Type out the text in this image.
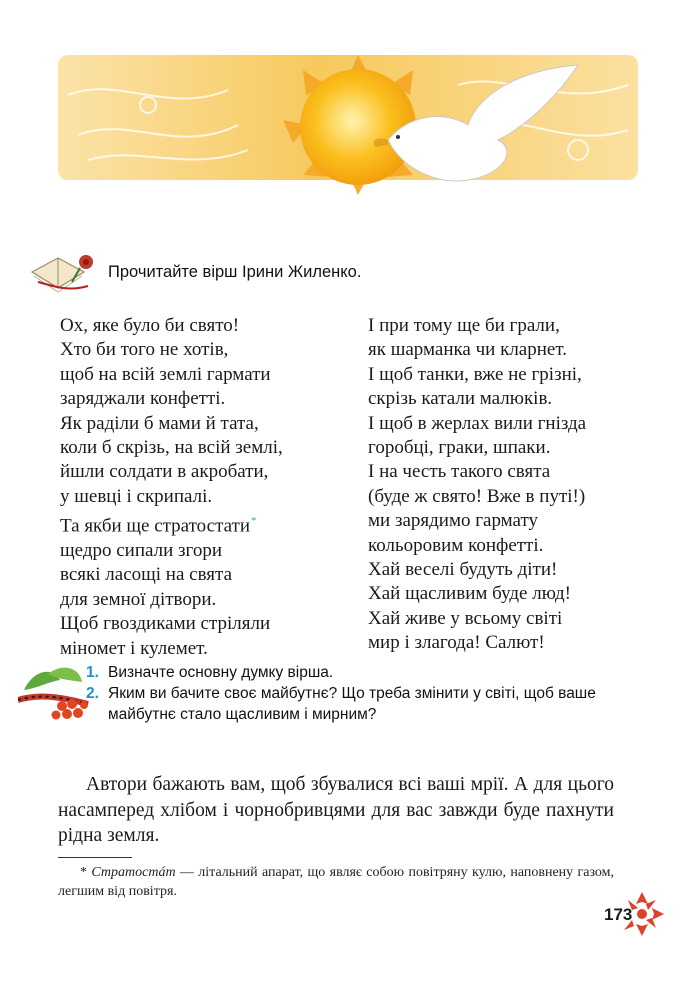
Прочитайте вірш Ірини Жиленко.
Ох, яке було би свято!
Хто би того не хотів,
щоб на всій землі гармати
заряджали конфетті.
Як раділи б мами й тата,
коли б скрізь, на всій землі,
йшли солдати в акробати,
у шевці і скрипалі.
Та якби ще стратостати*
щедро сипали згори
всякі ласощі на свята
для земної дітвори.
Щоб гвоздиками стріляли
міномет і кулемет.
І при тому ще би грали,
як шарманка чи кларнет.
І щоб танки, вже не грізні,
скрізь катали малюків.
І щоб в жерлах вили гнізда
горобці, граки, шпаки.
І на честь такого свята
(буде ж свято! Вже в путі!)
ми зарядимо гармату
кольоровим конфетті.
Хай веселі будуть діти!
Хай щасливим буде люд!
Хай живе у всьому світі
мир і злагода! Салют!
1. Визначте основну думку вірша.
2. Яким ви бачите своє майбутнє? Що треба змінити у світі, щоб ваше майбутнє стало щасливим і мирним?

Автори бажають вам, щоб збувалися всі ваші мрії. А для цього насамперед хлібом і чорнобривцями для вас завжди буде пахнути рідна земля.

* Стратостáт — літальний апарат, що являє собою повітряну кулю, наповнену газом, легшим від повітря.

173
